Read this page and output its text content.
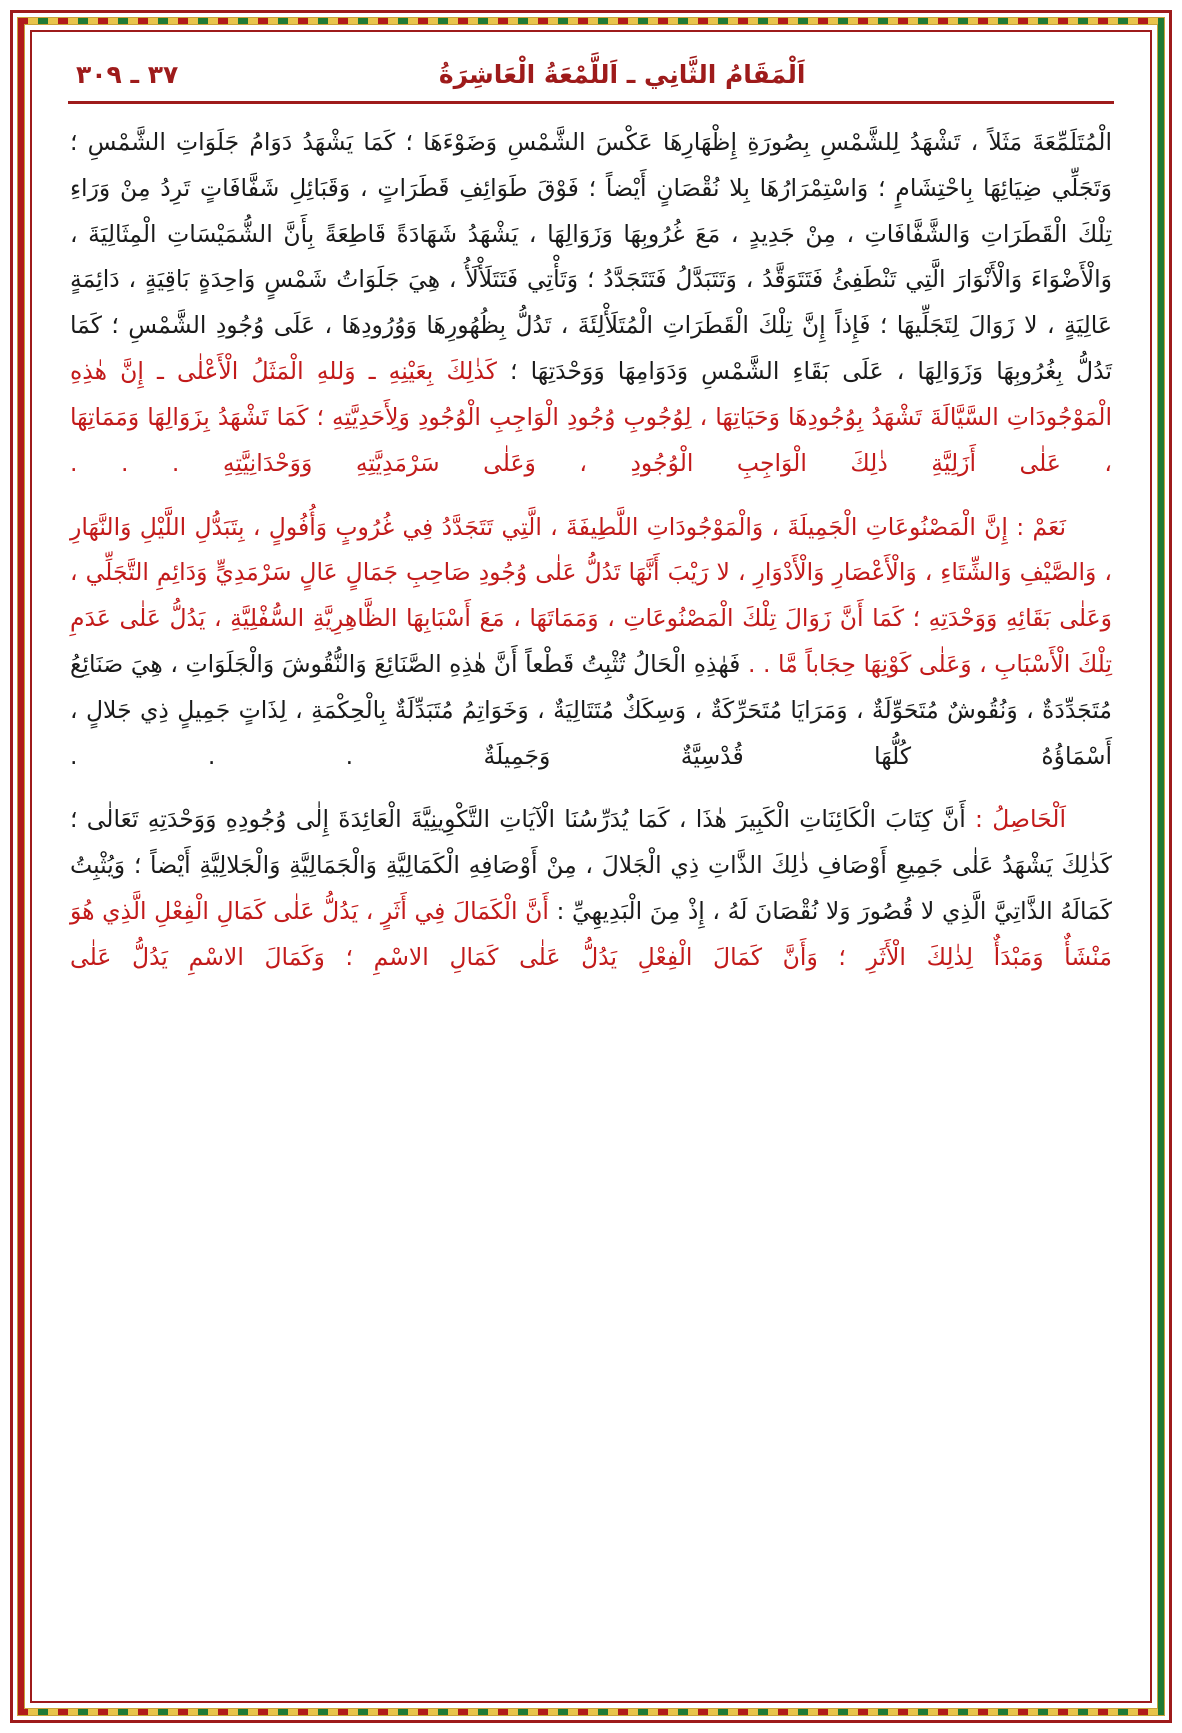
٣٧ ـ ٣٠٩	اَلْمَقَامُ الثَّانِي ـ اَللَّمْعَةُ الْعَاشِرَةُ
الْمُتَلَمِّعَةَ مَثَلاً ، تَشْهَدُ لِلشَّمْسِ بِصُورَةِ إِظْهَارِهَا عَكْسَ الشَّمْسِ وَضَوْءَهَا ؛ كَمَا يَشْهَدُ دَوَامُ جَلَوَاتِ الشَّمْسِ ؛ وَتَجَلِّي ضِيَائِهَا بِاحْتِشَامٍ ؛ وَاسْتِمْرَارُهَا بِلا نُقْصَانٍ أَيْضاً ؛ فَوْقَ طَوَائِفِ قَطَرَاتٍ ، وَقَبَائِلِ شَفَّافَاتٍ تَرِدُ مِنْ وَرَاءِ تِلْكَ الْقَطَرَاتِ وَالشَّفَّافَاتِ ، مِنْ جَدِيدٍ ، مَعَ غُرُوبِهَا وَزَوَالِهَا ، يَشْهَدُ شَهَادَةً قَاطِعَةً بِأَنَّ الشُّمَيْسَاتِ الْمِثَالِيَةَ ، وَالْأَضْوَاءَ وَالْأَنْوَارَ الَّتِي تَنْطَفِئُ فَتَتَوَقَّدُ ، وَتَتَبَدَّلُ فَتَتَجَدَّدُ ؛ وَتَأْتِي فَتَتَلَأْلَأُ ، هِيَ جَلَوَاتُ شَمْسٍ وَاحِدَةٍ بَاقِيَةٍ ، دَائِمَةٍ عَالِيَةٍ ، لا زَوَالَ لِتَجَلِّيهَا ؛ فَإِذاً إِنَّ تِلْكَ الْقَطَرَاتِ الْمُتَلَأْلِئَةَ ، تَدُلُّ بِظُهُورِهَا وَوُرُودِهَا ، عَلَى وُجُودِ الشَّمْسِ ؛ كَمَا تَدُلُّ بِغُرُوبِهَا وَزَوَالِهَا ، عَلَى بَقَاءِ الشَّمْسِ وَدَوَامِهَا وَوَحْدَتِهَا ؛ كَذٰلِكَ بِعَيْنِهِ ـ وَللهِ الْمَثَلُ الْأَعْلٰى ـ إِنَّ هٰذِهِ الْمَوْجُودَاتِ السَّيَّالَةَ تَشْهَدُ بِوُجُودِهَا وَحَيَاتِهَا ، لِوُجُوبِ وُجُودِ الْوَاجِبِ الْوُجُودِ وَلِأَحَدِيَّتِهِ ؛ كَمَا تَشْهَدُ بِزَوَالِهَا وَمَمَاتِهَا ، عَلٰى أَزَلِيَّةِ ذٰلِكَ الْوَاجِبِ الْوُجُودِ ، وَعَلٰى سَرْمَدِيَّتِهِ وَوَحْدَانِيَّتِهِ . . .
نَعَمْ : إِنَّ الْمَصْنُوعَاتِ الْجَمِيلَةَ ، وَالْمَوْجُودَاتِ اللَّطِيفَةَ ، الَّتِي تَتَجَدَّدُ فِي غُرُوبٍ وَأُفُولٍ ، بِتَبَدُّلِ اللَّيْلِ وَالنَّهَارِ ، وَالصَّيْفِ وَالشِّتَاءِ ، وَالْأَعْصَارِ وَالْأَدْوَارِ ، لا رَيْبَ أَنَّهَا تَدُلُّ عَلٰى وُجُودِ صَاحِبِ جَمَالٍ عَالٍ سَرْمَدِيٍّ وَدَائِمِ التَّجَلِّي ، وَعَلٰى بَقَائِهِ وَوَحْدَتِهِ ؛ كَمَا أَنَّ زَوَالَ تِلْكَ الْمَصْنُوعَاتِ ، وَمَمَاتَهَا ، مَعَ أَسْبَابِهَا الظَّاهِرِيَّةِ السُّفْلِيَّةِ ، يَدُلُّ عَلٰى عَدَمِ تِلْكَ الْأَسْبَابِ ، وَعَلٰى كَوْنِهَا حِجَاباً مَّا . . فَهٰذِهِ الْحَالُ تُثْبِتُ قَطْعاً أَنَّ هٰذِهِ الصَّنَائِعَ وَالنُّقُوشَ وَالْجَلَوَاتِ ، هِيَ صَنَائِعُ مُتَجَدِّدَةٌ ، وَنُقُوشٌ مُتَحَوِّلَةٌ ، وَمَرَايَا مُتَحَرِّكَةٌ ، وَسِكَكٌ مُتَتَالِيَةٌ ، وَخَوَاتِمُ مُتَبَدِّلَةٌ بِالْحِكْمَةِ ، لِذَاتٍ جَمِيلٍ ذِي جَلالٍ ، أَسْمَاؤُهُ كُلُّهَا قُدْسِيَّةٌ وَجَمِيلَةٌ . . .
اَلْحَاصِلُ : أَنَّ كِتَابَ الْكَائِنَاتِ الْكَبِيرَ هٰذَا ، كَمَا يُدَرِّسُنَا الْآيَاتِ التَّكْوِينِيَّةَ الْعَائِدَةَ إِلٰى وُجُودِهِ وَوَحْدَتِهِ تَعَالٰى ؛ كَذٰلِكَ يَشْهَدُ عَلٰى جَمِيعِ أَوْصَافِ ذٰلِكَ الذَّاتِ ذِي الْجَلالَ ، مِنْ أَوْصَافِهِ الْكَمَالِيَّةِ وَالْجَمَالِيَّةِ وَالْجَلالِيَّةِ أَيْضاً ؛ وَيُثْبِتُ كَمَالَهُ الذَّاتِيَّ الَّذِي لا قُصُورَ وَلا نُقْصَانَ لَهُ ، إِذْ مِنَ الْبَدِيهِيِّ : أَنَّ الْكَمَالَ فِي أَثَرٍ ، يَدُلُّ عَلٰى كَمَالِ الْفِعْلِ الَّذِي هُوَ مَنْشَأٌ وَمَبْدَأٌ لِذٰلِكَ الْأَثَرِ ؛ وَأَنَّ كَمَالَ الْفِعْلِ يَدُلُّ عَلٰى كَمَالِ الاسْمِ ؛ وَكَمَالَ الاسْمِ يَدُلُّ عَلٰى
